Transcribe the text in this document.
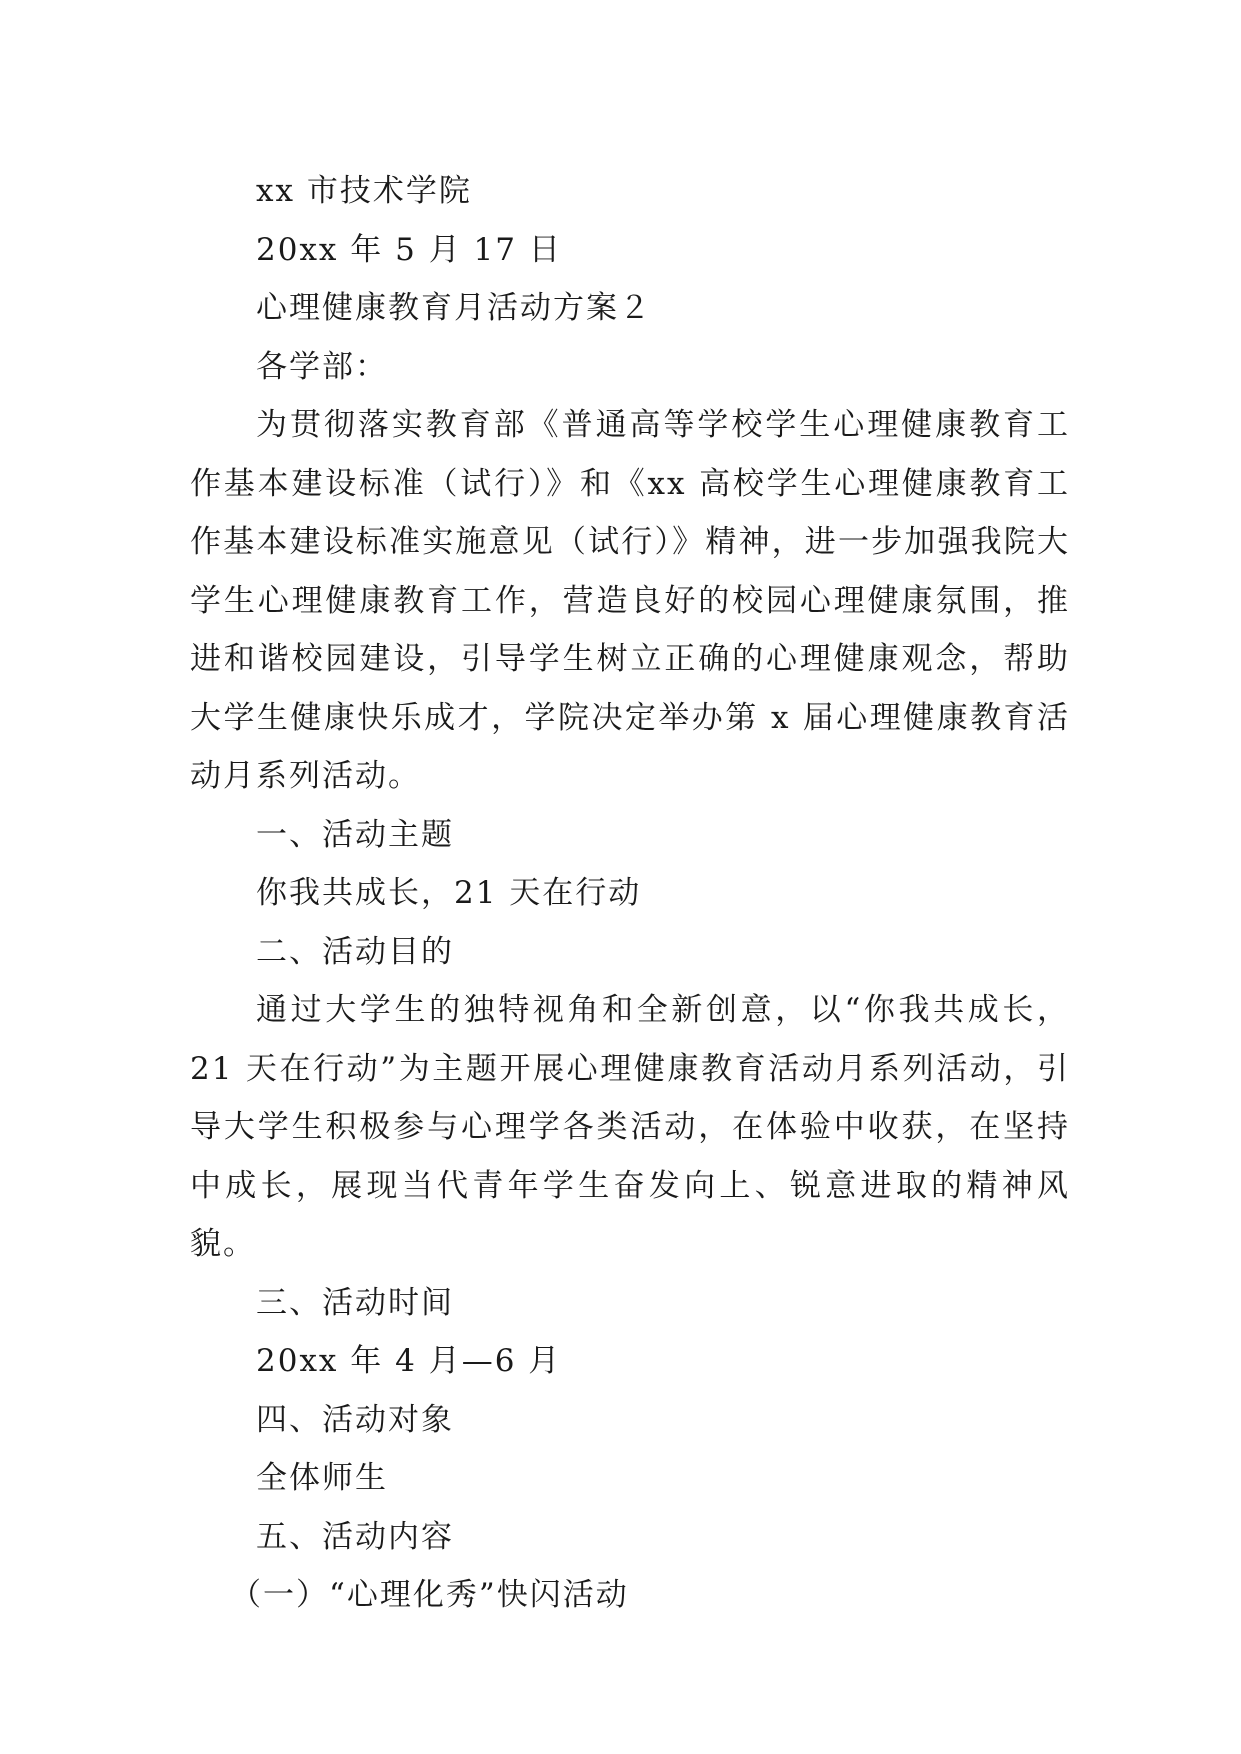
xx 市技术学院

20xx 年 5 月 17 日

心理健康教育月活动方案２

各学部：

为贯彻落实教育部《普通高等学校学生心理健康教育工作基本建设标准（试行）》和《xx 高校学生心理健康教育工作基本建设标准实施意见（试行）》精神，进一步加强我院大学生心理健康教育工作，营造良好的校园心理健康氛围，推进和谐校园建设，引导学生树立正确的心理健康观念，帮助大学生健康快乐成才，学院决定举办第 x 届心理健康教育活动月系列活动。

一、活动主题

你我共成长，21 天在行动

二、活动目的

通过大学生的独特视角和全新创意，以“你我共成长，21 天在行动”为主题开展心理健康教育活动月系列活动，引导大学生积极参与心理学各类活动，在体验中收获，在坚持中成长，展现当代青年学生奋发向上、锐意进取的精神风貌。

三、活动时间

20xx 年 4 月—6 月

四、活动对象

全体师生

五、活动内容

（一）“心理化秀”快闪活动
